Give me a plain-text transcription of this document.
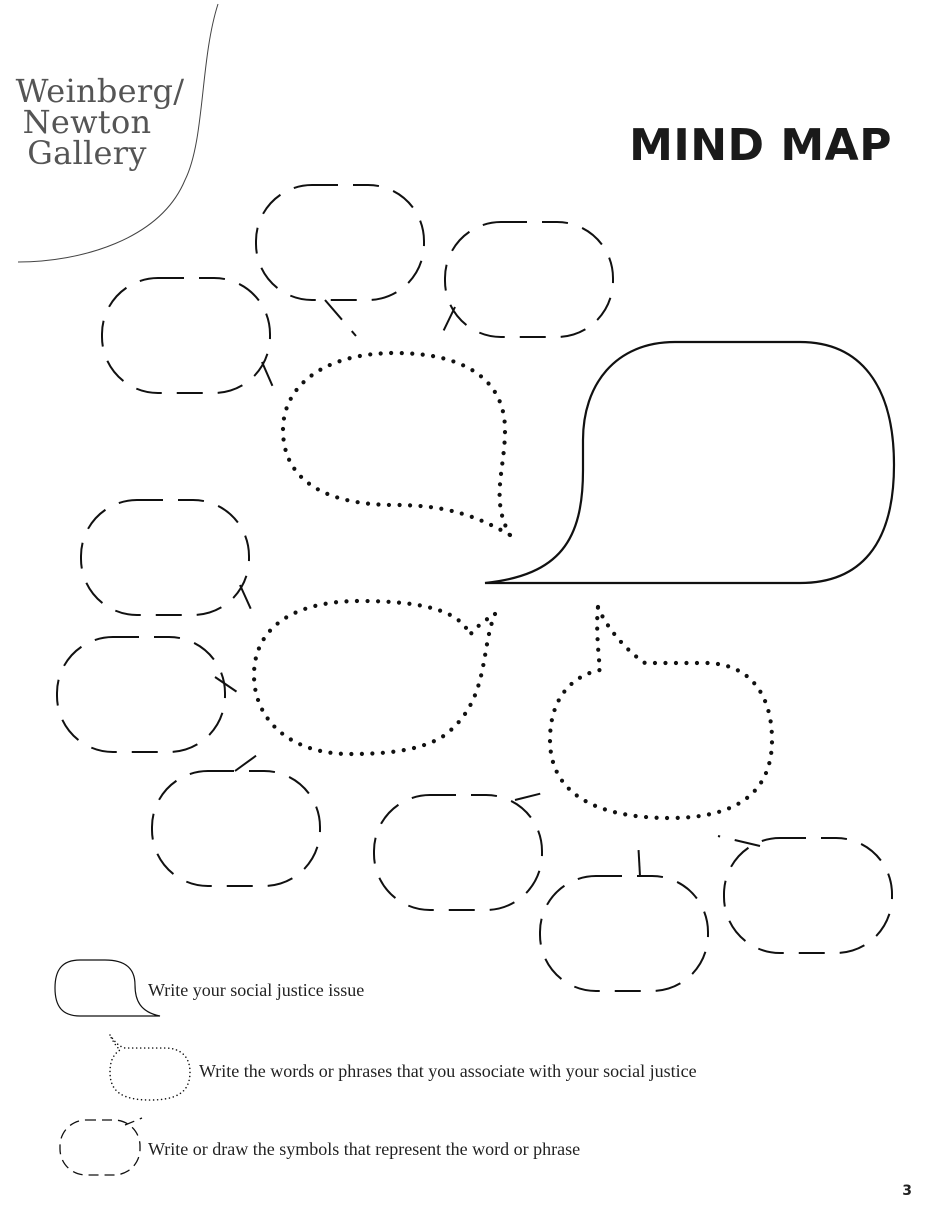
Weinberg/
Newton
Gallery	MIND MAP
Write your social justice issue
Write the words or phrases that you associate with your social justice
Write or draw the symbols that represent the word or phrase
3
